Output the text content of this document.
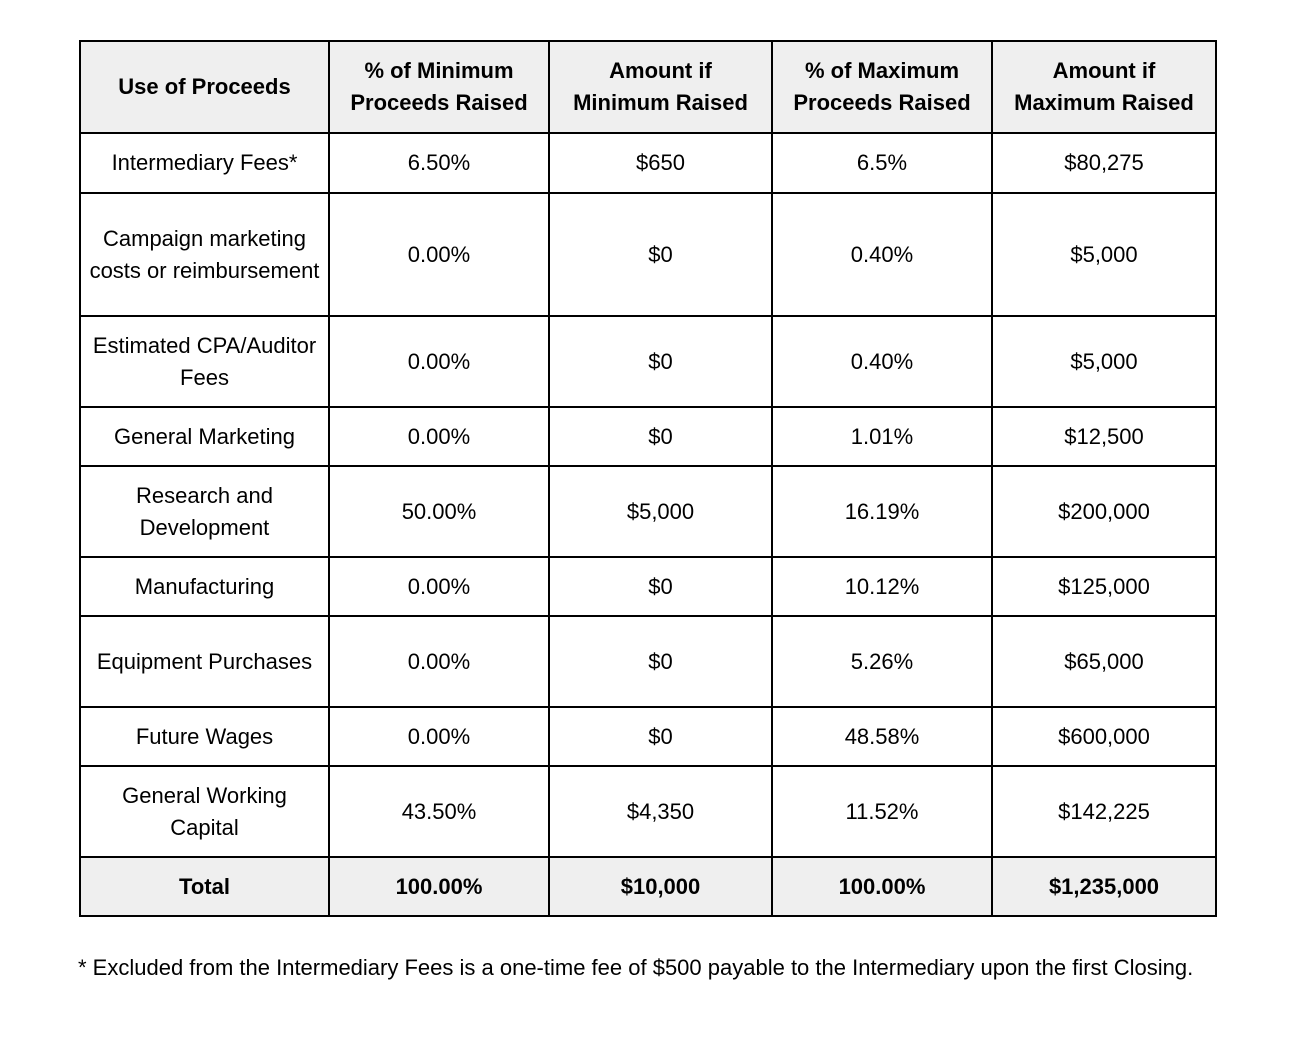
Use of Proceeds	% of Minimum Proceeds Raised	Amount if Minimum Raised	% of Maximum Proceeds Raised	Amount if Maximum Raised
Intermediary Fees*	6.50%	$650	6.5%	$80,275
Campaign marketing costs or reimbursement	0.00%	$0	0.40%	$5,000
Estimated CPA/Auditor Fees	0.00%	$0	0.40%	$5,000
General Marketing	0.00%	$0	1.01%	$12,500
Research and Development	50.00%	$5,000	16.19%	$200,000
Manufacturing	0.00%	$0	10.12%	$125,000
Equipment Purchases	0.00%	$0	5.26%	$65,000
Future Wages	0.00%	$0	48.58%	$600,000
General Working Capital	43.50%	$4,350	11.52%	$142,225
Total	100.00%	$10,000	100.00%	$1,235,000

* Excluded from the Intermediary Fees is a one-time fee of $500 payable to the Intermediary upon the first Closing.
